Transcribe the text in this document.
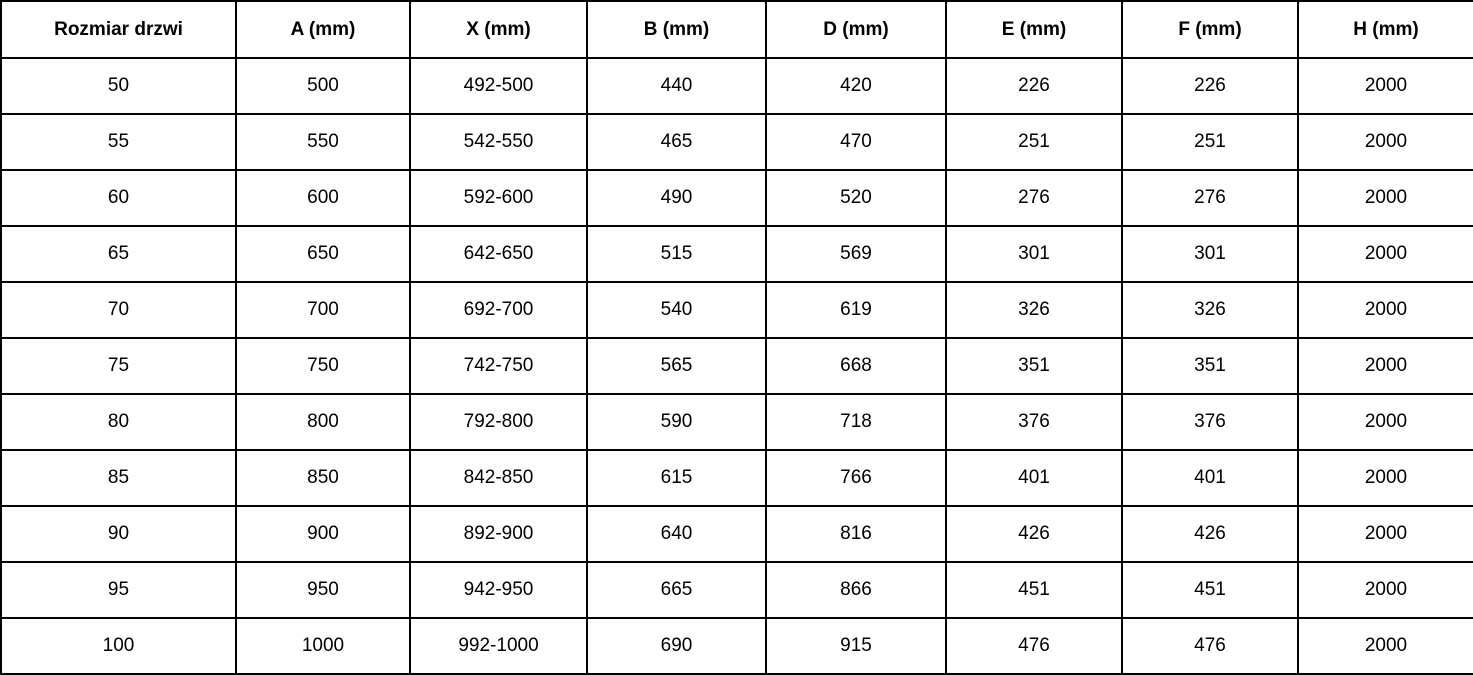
Rozmiar drzwi	A (mm)	X (mm)	B (mm)	D (mm)	E (mm)	F (mm)	H (mm)
50	500	492-500	440	420	226	226	2000
55	550	542-550	465	470	251	251	2000
60	600	592-600	490	520	276	276	2000
65	650	642-650	515	569	301	301	2000
70	700	692-700	540	619	326	326	2000
75	750	742-750	565	668	351	351	2000
80	800	792-800	590	718	376	376	2000
85	850	842-850	615	766	401	401	2000
90	900	892-900	640	816	426	426	2000
95	950	942-950	665	866	451	451	2000
100	1000	992-1000	690	915	476	476	2000
